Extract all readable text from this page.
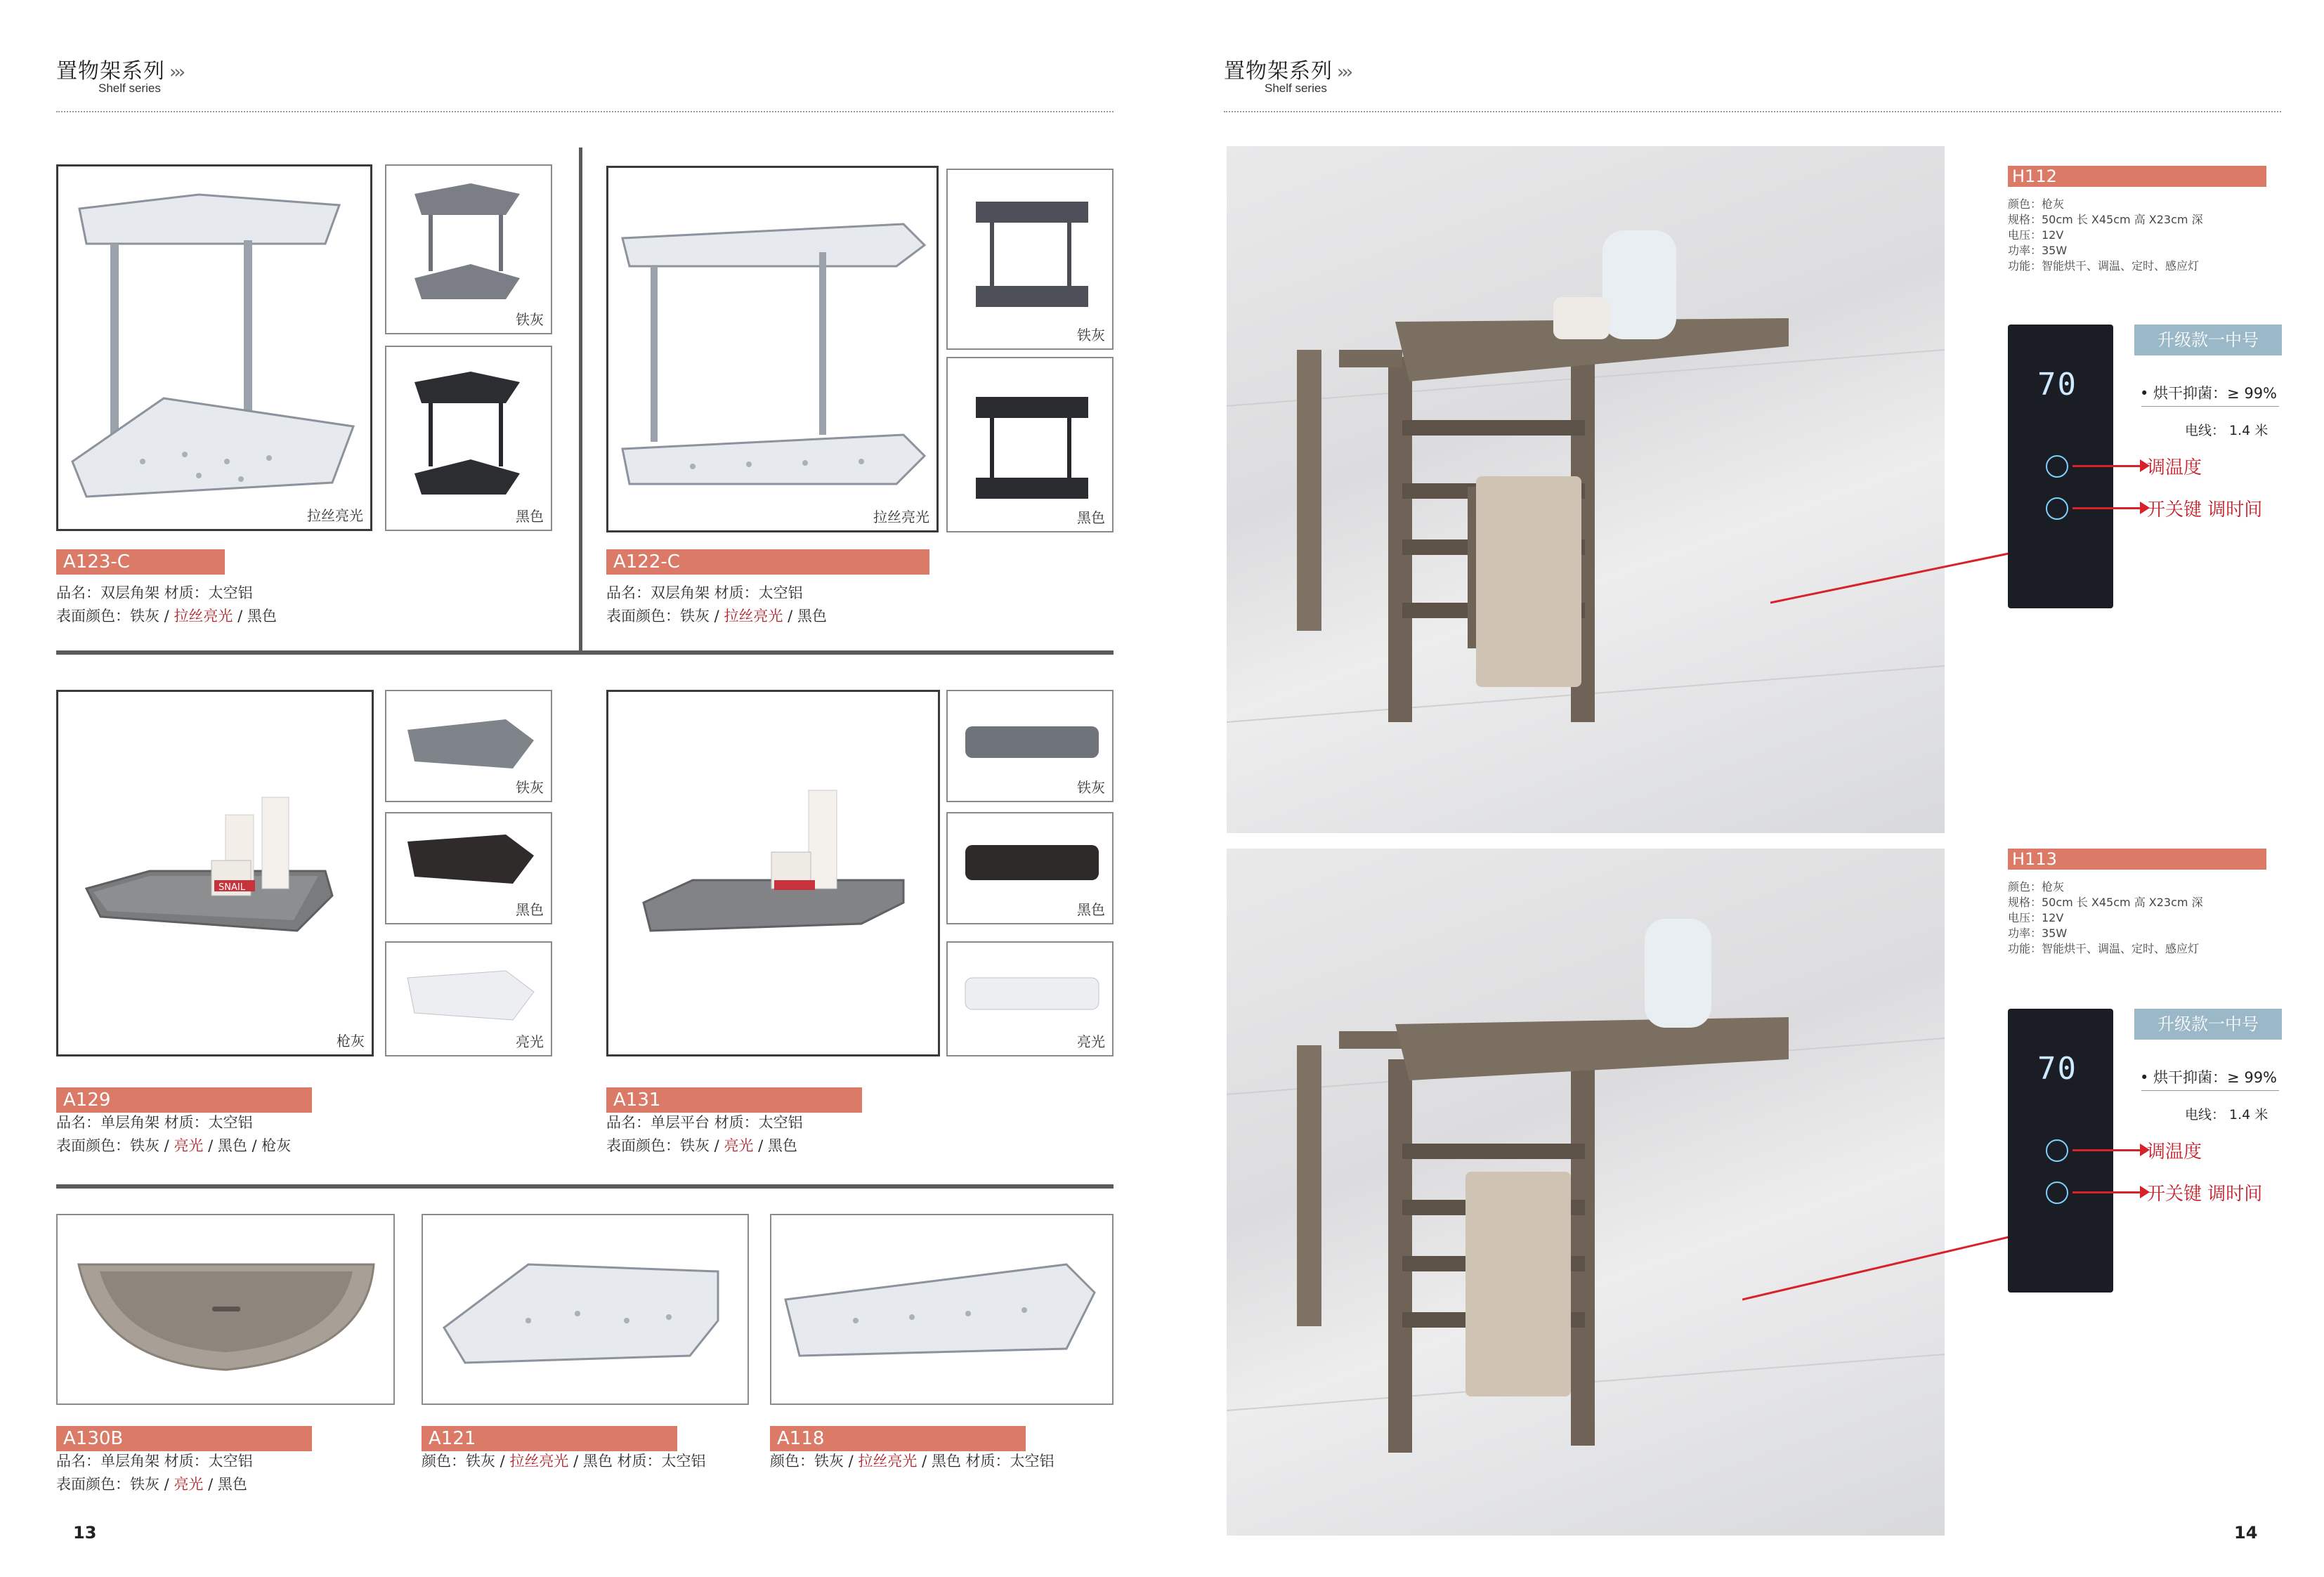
置物架系列 ›››
Shelf series
拉丝亮光
铁灰
黑色
A123-C
品名：双层角架 材质：太空铝
表面颜色：铁灰 / 拉丝亮光 / 黑色
拉丝亮光
铁灰
黑色
A122-C
品名：双层角架 材质：太空铝
表面颜色：铁灰 / 拉丝亮光 / 黑色
SNAIL
枪灰
铁灰
黑色
亮光
A129
品名：单层角架 材质：太空铝
表面颜色：铁灰 / 亮光 / 黑色 / 枪灰
铁灰
黑色
亮光
A131
品名：单层平台 材质：太空铝
表面颜色：铁灰 / 亮光 / 黑色
A130B
品名：单层角架 材质：太空铝
表面颜色：铁灰 / 亮光 / 黑色
A121
颜色：铁灰 / 拉丝亮光 / 黑色 材质：太空铝
A118
颜色：铁灰 / 拉丝亮光 / 黑色 材质：太空铝
13
置物架系列 ›››
Shelf series
H112
颜色：枪灰
规格：50cm 长 X45cm 高 X23cm 深
电压：12V
功率：35W
功能：智能烘干、调温、定时、感应灯
70
升级款一中号
• 烘干抑菌：≥ 99%
电线： 1.4 米
调温度
开关键 调时间
H113
颜色：枪灰
规格：50cm 长 X45cm 高 X23cm 深
电压：12V
功率：35W
功能：智能烘干、调温、定时、感应灯
70
升级款一中号
• 烘干抑菌：≥ 99%
电线： 1.4 米
调温度
开关键 调时间
14
